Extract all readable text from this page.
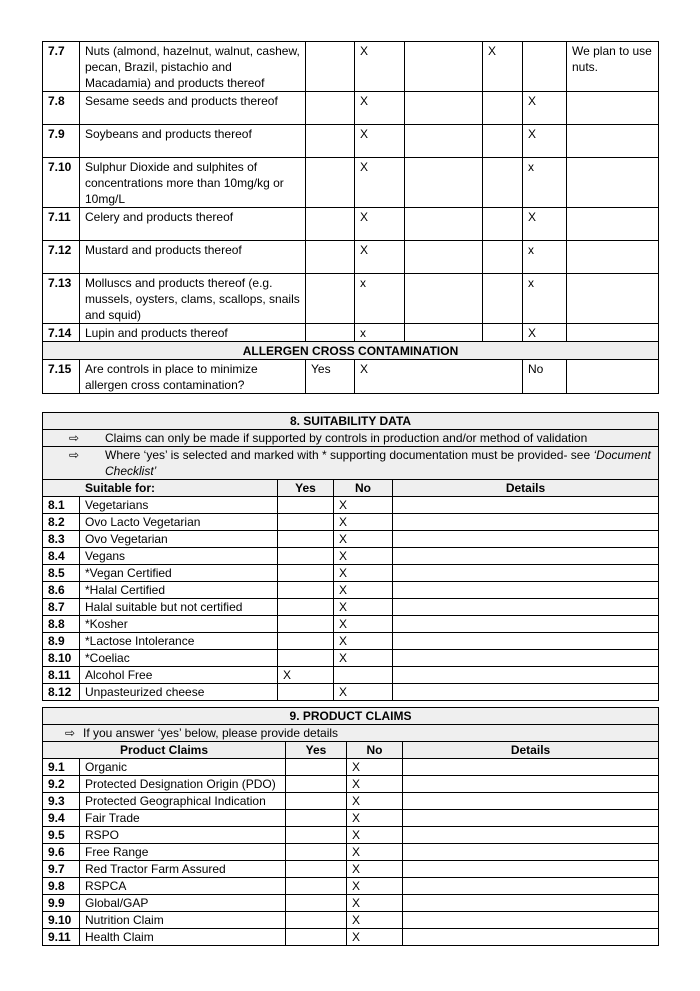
7.7	Nuts (almond, hazelnut, walnut, cashew, pecan, Brazil, pistachio and Macadamia) and products thereof		X		X		We plan to use nuts.
7.8	Sesame seeds and products thereof		X			X	
7.9	Soybeans and products thereof		X			X	
7.10	Sulphur Dioxide and sulphites of concentrations more than 10mg/kg or 10mg/L		X			x	
7.11	Celery and products thereof		X			X	
7.12	Mustard and products thereof		X			x	
7.13	Molluscs and products thereof (e.g. mussels, oysters, clams, scallops, snails and squid)		x			x	
7.14	Lupin and products thereof		x			X	
ALLERGEN CROSS CONTAMINATION							
7.15	Are controls in place to minimize allergen cross contamination?	Yes	X			No	
8. SUITABILITY DATA				

⇨ Claims can only be made if supported by controls in production and/or method of validation				

⇨ Where ‘yes’ is selected and marked with * supporting documentation must be provided- see ‘Document Checklist’				

Suitable for:		Yes	No	Details
8.1	Vegetarians		X	
8.2	Ovo Lacto Vegetarian		X	
8.3	Ovo Vegetarian		X	
8.4	Vegans		X	
8.5	*Vegan Certified		X	
8.6	*Halal Certified		X	
8.7	Halal suitable but not certified		X	
8.8	*Kosher		X	
8.9	*Lactose Intolerance		X	
8.10	*Coeliac		X	
8.11	Alcohol Free	X		
8.12	Unpasteurized cheese		X	
9. PRODUCT CLAIMS				
⇨ If you answer ‘yes’ below, please provide details				
Product Claims		Yes	No	Details
9.1	Organic		X	
9.2	Protected Designation Origin (PDO)		X	
9.3	Protected Geographical Indication		X	
9.4	Fair Trade		X	
9.5	RSPO		X	
9.6	Free Range		X	
9.7	Red Tractor Farm Assured		X	
9.8	RSPCA		X	
9.9	Global/GAP		X	
9.10	Nutrition Claim		X	
9.11	Health Claim		X	
